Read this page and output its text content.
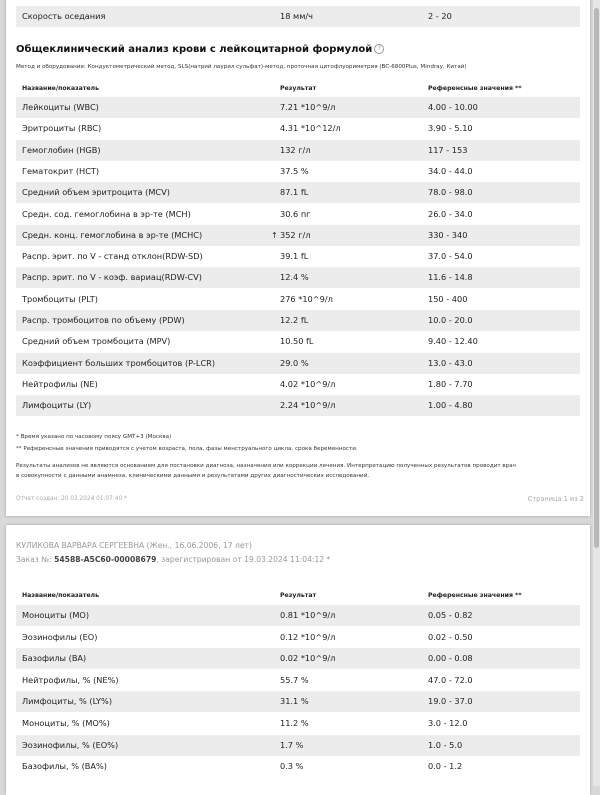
Скорость оседания	18 мм/ч	2 - 20
Общеклинический анализ крови с лейкоцитарной формулой ?
Метод и оборудование: Кондуктометрический метод, SLS(натрий лаурил сульфат)-метод, проточная цитофлуориметрия (BC-6800Plus, Mindray, Китай)
Название/показатель	Результат	Референсные значения **
Лейкоциты (WBC)	7.21 *10^9/л	4.00 - 10.00
Эритроциты (RBC)	4.31 *10^12/л	3.90 - 5.10
Гемоглобин (HGB)	132 г/л	117 - 153
Гематокрит (HCT)	37.5 %	34.0 - 44.0
Средний объем эритроцита (MCV)	87.1 fL	78.0 - 98.0
Средн. сод. гемоглобина в эр-те (MCH)	30.6 пг	26.0 - 34.0
Средн. конц. гемоглобина в эр-те (MCHC)	352 г/л	330 - 340
↑
Распр. эрит. по V - станд отклон(RDW-SD)	39.1 fL	37.0 - 54.0
Распр. эрит. по V - коэф. вариац(RDW-CV)	12.4 %	11.6 - 14.8
Тромбоциты (PLT)	276 *10^9/л	150 - 400
Распр. тромбоцитов по объему (PDW)	12.2 fL	10.0 - 20.0
Средний объем тромбоцита (MPV)	10.50 fL	9.40 - 12.40
Коэффициент больших тромбоцитов (P-LCR)	29.0 %	13.0 - 43.0
Нейтрофилы (NE)	4.02 *10^9/л	1.80 - 7.70
Лимфоциты (LY)	2.24 *10^9/л	1.00 - 4.80
* Время указано по часовому поясу GMT+3 (Москва)
** Референсные значения приводятся с учетом возраста, пола, фазы менструального цикла, срока беременности.
Результаты анализов не являются основанием для постановки диагноза, назначения или коррекции лечения. Интерпретацию полученных результатов проводит врач
в совокупности с данными анамнеза, клиническими данными и результатами других диагностических исследований.
Отчет создан: 20.03.2024 01:07:40 *	Страница 1 из 2
КУЛИКОВА ВАРВАРА СЕРГЕЕВНА (Жен., 16.06.2006, 17 лет)
Заказ №: 54588-A5C60-00008679, зарегистрирован от 19.03.2024 11:04:12 *
Название/показатель	Результат	Референсные значения **
Моноциты (MO)	0.81 *10^9/л	0.05 - 0.82
Эозинофилы (EO)	0.12 *10^9/л	0.02 - 0.50
Базофилы (BA)	0.02 *10^9/л	0.00 - 0.08
Нейтрофилы, % (NE%)	55.7 %	47.0 - 72.0
Лимфоциты, % (LY%)	31.1 %	19.0 - 37.0
Моноциты, % (MO%)	11.2 %	3.0 - 12.0
Эозинофилы, % (EO%)	1.7 %	1.0 - 5.0
Базофилы, % (BA%)	0.3 %	0.0 - 1.2
